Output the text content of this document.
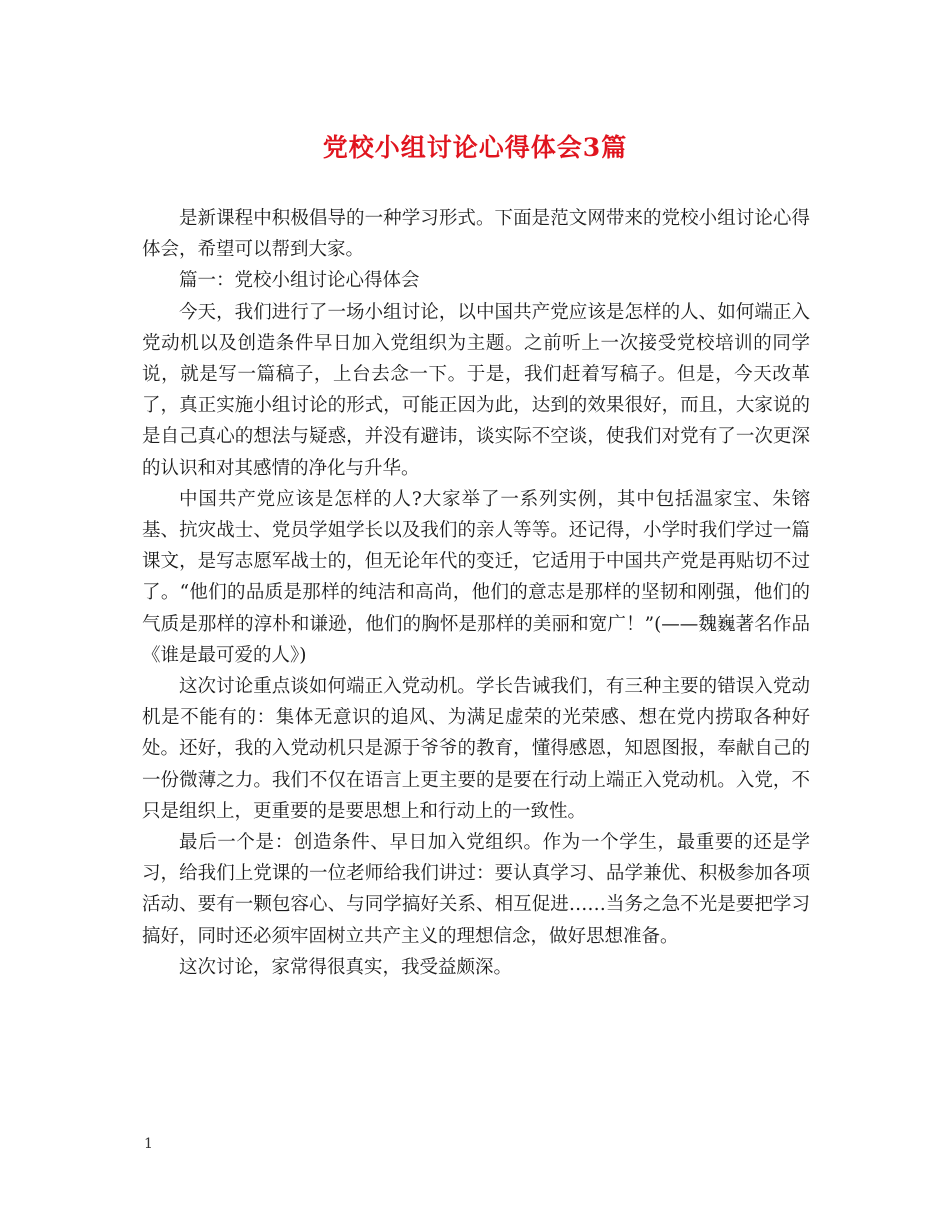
党校小组讨论心得体会3篇

是新课程中积极倡导的一种学习形式。下面是范文网带来的党校小组讨论心得体会，希望可以帮到大家。

篇一：党校小组讨论心得体会

今天，我们进行了一场小组讨论，以中国共产党应该是怎样的人、如何端正入党动机以及创造条件早日加入党组织为主题。之前听上一次接受党校培训的同学说，就是写一篇稿子，上台去念一下。于是，我们赶着写稿子。但是，今天改革了，真正实施小组讨论的形式，可能正因为此，达到的效果很好，而且，大家说的是自己真心的想法与疑惑，并没有避讳，谈实际不空谈，使我们对党有了一次更深的认识和对其感情的净化与升华。

中国共产党应该是怎样的人?大家举了一系列实例，其中包括温家宝、朱镕基、抗灾战士、党员学姐学长以及我们的亲人等等。还记得，小学时我们学过一篇课文，是写志愿军战士的，但无论年代的变迁，它适用于中国共产党是再贴切不过了。“他们的品质是那样的纯洁和高尚，他们的意志是那样的坚韧和刚强，他们的气质是那样的淳朴和谦逊，他们的胸怀是那样的美丽和宽广！”(——魏巍著名作品《谁是最可爱的人》)

这次讨论重点谈如何端正入党动机。学长告诫我们，有三种主要的错误入党动机是不能有的：集体无意识的追风、为满足虚荣的光荣感、想在党内捞取各种好处。还好，我的入党动机只是源于爷爷的教育，懂得感恩，知恩图报，奉献自己的一份微薄之力。我们不仅在语言上更主要的是要在行动上端正入党动机。入党，不只是组织上，更重要的是要思想上和行动上的一致性。

最后一个是：创造条件、早日加入党组织。作为一个学生，最重要的还是学习，给我们上党课的一位老师给我们讲过：要认真学习、品学兼优、积极参加各项活动、要有一颗包容心、与同学搞好关系、相互促进……当务之急不光是要把学习搞好，同时还必须牢固树立共产主义的理想信念，做好思想准备。

这次讨论，家常得很真实，我受益颇深。

1
